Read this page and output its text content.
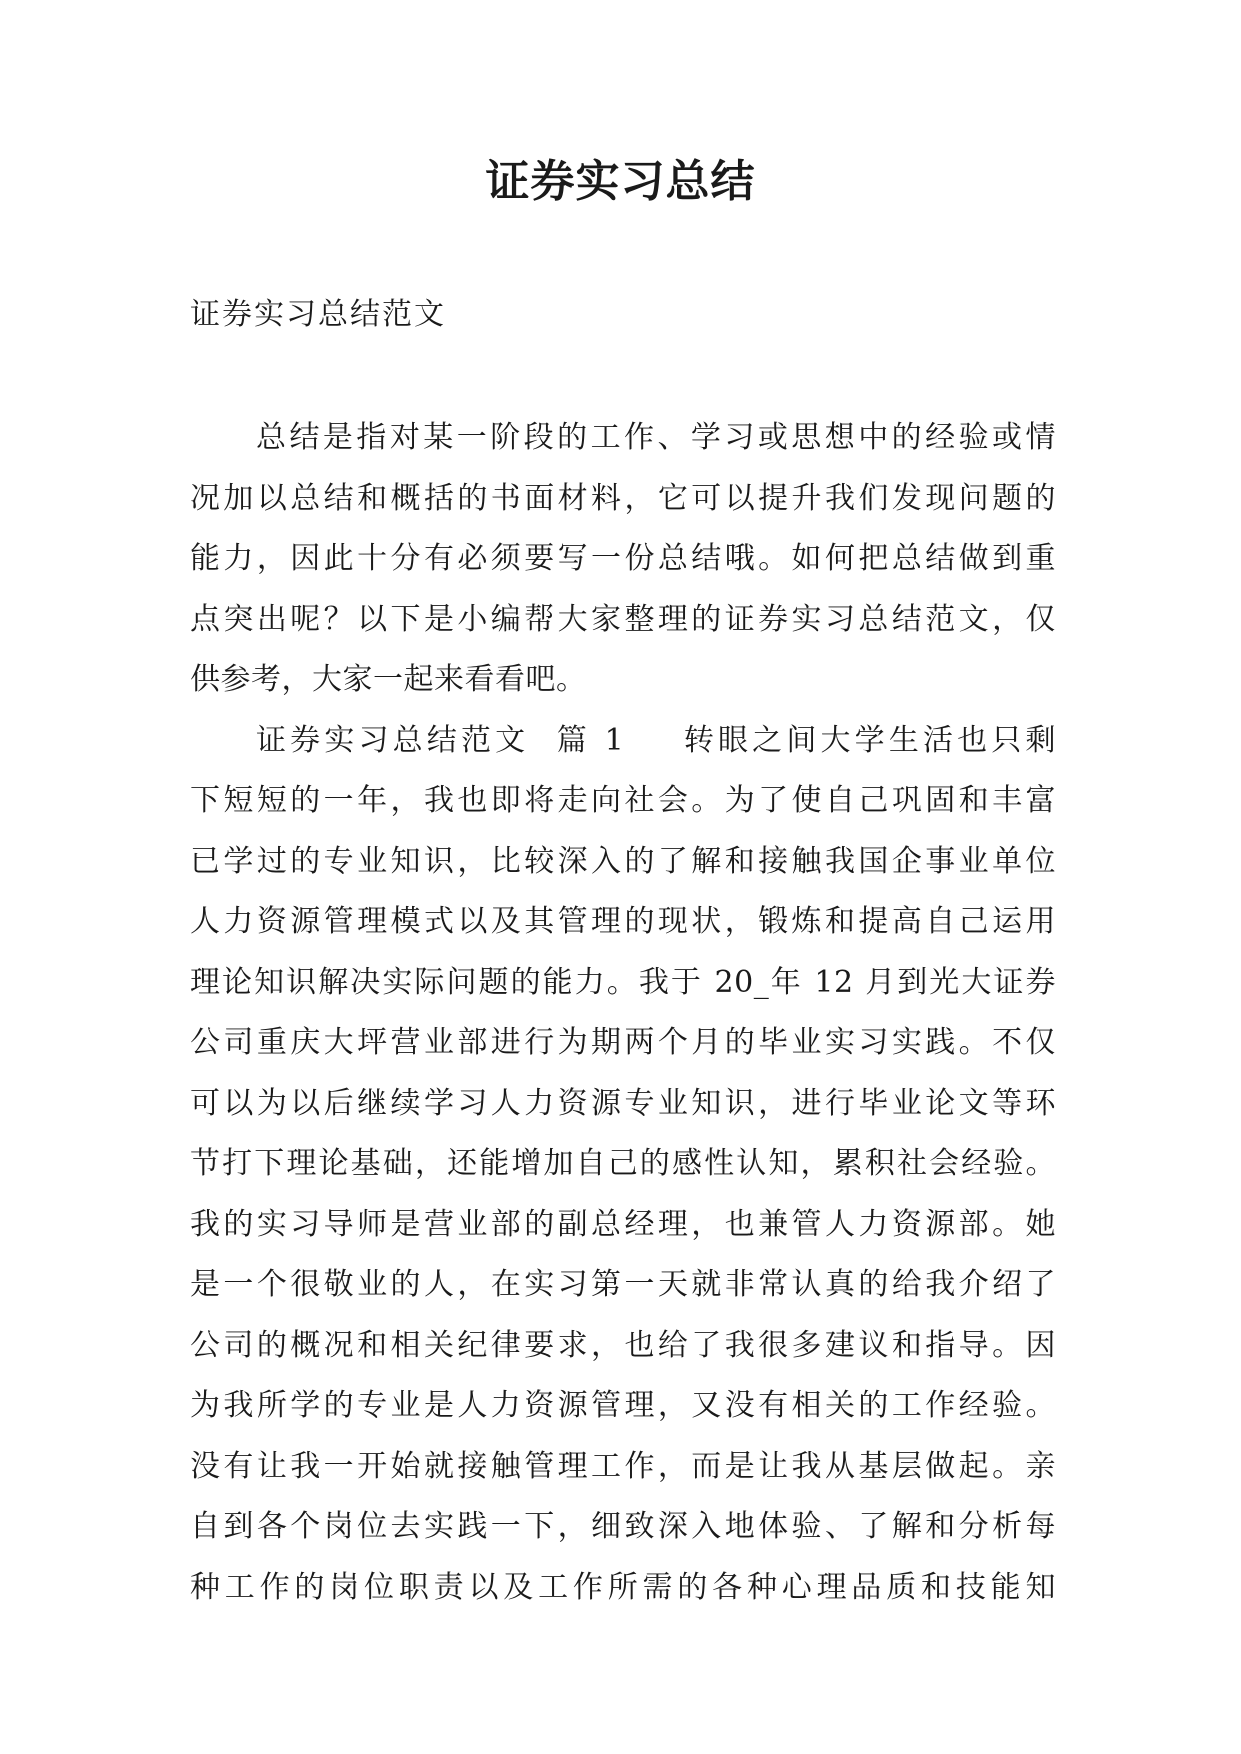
证券实习总结

证券实习总结范文

总结是指对某一阶段的工作、学习或思想中的经验或情
况加以总结和概括的书面材料，它可以提升我们发现问题的
能力，因此十分有必须要写一份总结哦。如何把总结做到重
点突出呢？以下是小编帮大家整理的证券实习总结范文，仅
供参考，大家一起来看看吧。
证券实习总结范文  篇 1 转眼之间大学生活也只剩
下短短的一年，我也即将走向社会。为了使自己巩固和丰富
已学过的专业知识，比较深入的了解和接触我国企事业单位
人力资源管理模式以及其管理的现状，锻炼和提高自己运用
理论知识解决实际问题的能力。我于 20_年 12 月到光大证券
公司重庆大坪营业部进行为期两个月的毕业实习实践。不仅
可以为以后继续学习人力资源专业知识，进行毕业论文等环
节打下理论基础，还能增加自己的感性认知，累积社会经验。
我的实习导师是营业部的副总经理，也兼管人力资源部。她
是一个很敬业的人，在实习第一天就非常认真的给我介绍了
公司的概况和相关纪律要求，也给了我很多建议和指导。因
为我所学的专业是人力资源管理，又没有相关的工作经验。
没有让我一开始就接触管理工作，而是让我从基层做起。亲
自到各个岗位去实践一下，细致深入地体验、了解和分析每
种工作的岗位职责以及工作所需的各种心理品质和技能知
